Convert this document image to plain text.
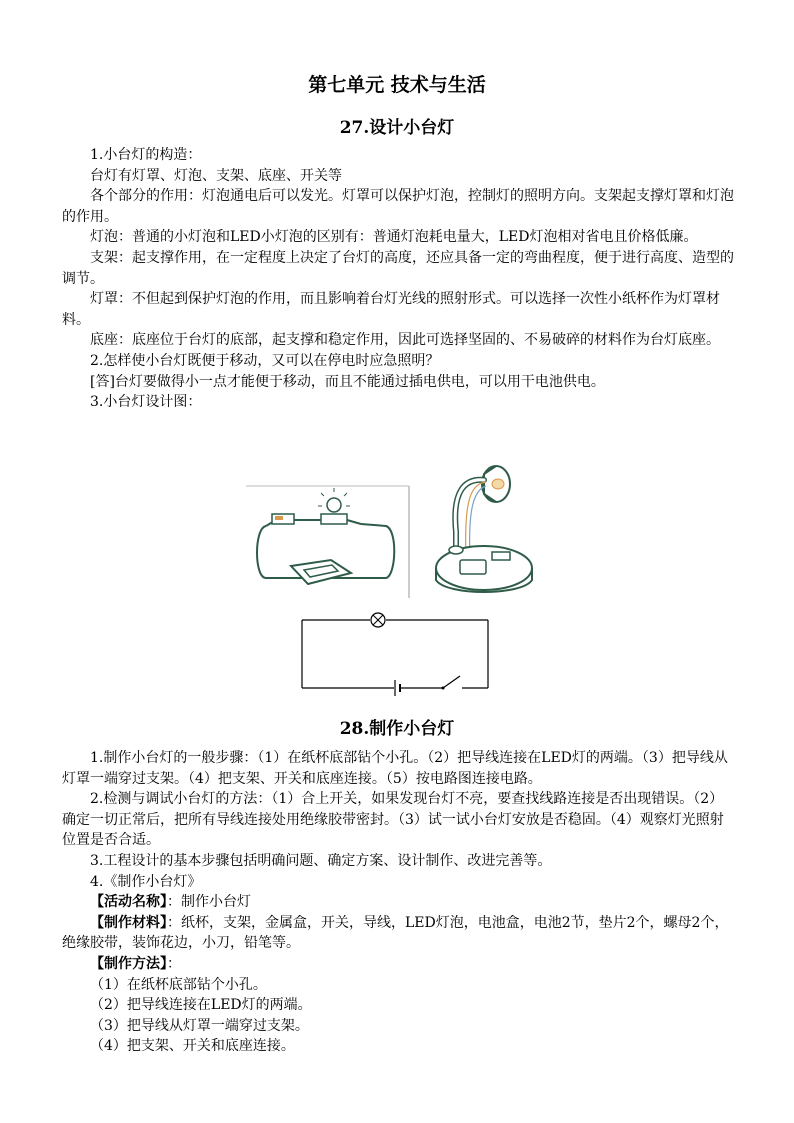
第七单元 技术与生活
27.设计小台灯

1.小台灯的构造：

台灯有灯罩、灯泡、支架、底座、开关等

各个部分的作用：灯泡通电后可以发光。灯罩可以保护灯泡，控制灯的照明方向。支架起支撑灯罩和灯泡的作用。

灯泡：普通的小灯泡和LED小灯泡的区别有：普通灯泡耗电量大，LED灯泡相对省电且价格低廉。

支架：起支撑作用，在一定程度上决定了台灯的高度，还应具备一定的弯曲程度，便于进行高度、造型的调节。

灯罩：不但起到保护灯泡的作用，而且影响着台灯光线的照射形式。可以选择一次性小纸杯作为灯罩材料。

底座：底座位于台灯的底部，起支撑和稳定作用，因此可选择坚固的、不易破碎的材料作为台灯底座。

2.怎样使小台灯既便于移动，又可以在停电时应急照明？

[答]台灯要做得小一点才能便于移动，而且不能通过插电供电，可以用干电池供电。

3.小台灯设计图：

28.制作小台灯

1.制作小台灯的一般步骤：（1）在纸杯底部钻个小孔。（2）把导线连接在LED灯的两端。（3）把导线从灯罩一端穿过支架。（4）把支架、开关和底座连接。（5）按电路图连接电路。

2.检测与调试小台灯的方法：（1）合上开关，如果发现台灯不亮，要查找线路连接是否出现错误。（2）确定一切正常后，把所有导线连接处用绝缘胶带密封。（3）试一试小台灯安放是否稳固。（4）观察灯光照射位置是否合适。

3.工程设计的基本步骤包括明确问题、确定方案、设计制作、改进完善等。

4.《制作小台灯》

【活动名称】：制作小台灯

【制作材料】：纸杯，支架，金属盒，开关，导线，LED灯泡，电池盒，电池2节，垫片2个，螺母2个，绝缘胶带，装饰花边，小刀，铅笔等。

【制作方法】：

（1）在纸杯底部钻个小孔。

（2）把导线连接在LED灯的两端。

（3）把导线从灯罩一端穿过支架。

（4）把支架、开关和底座连接。
